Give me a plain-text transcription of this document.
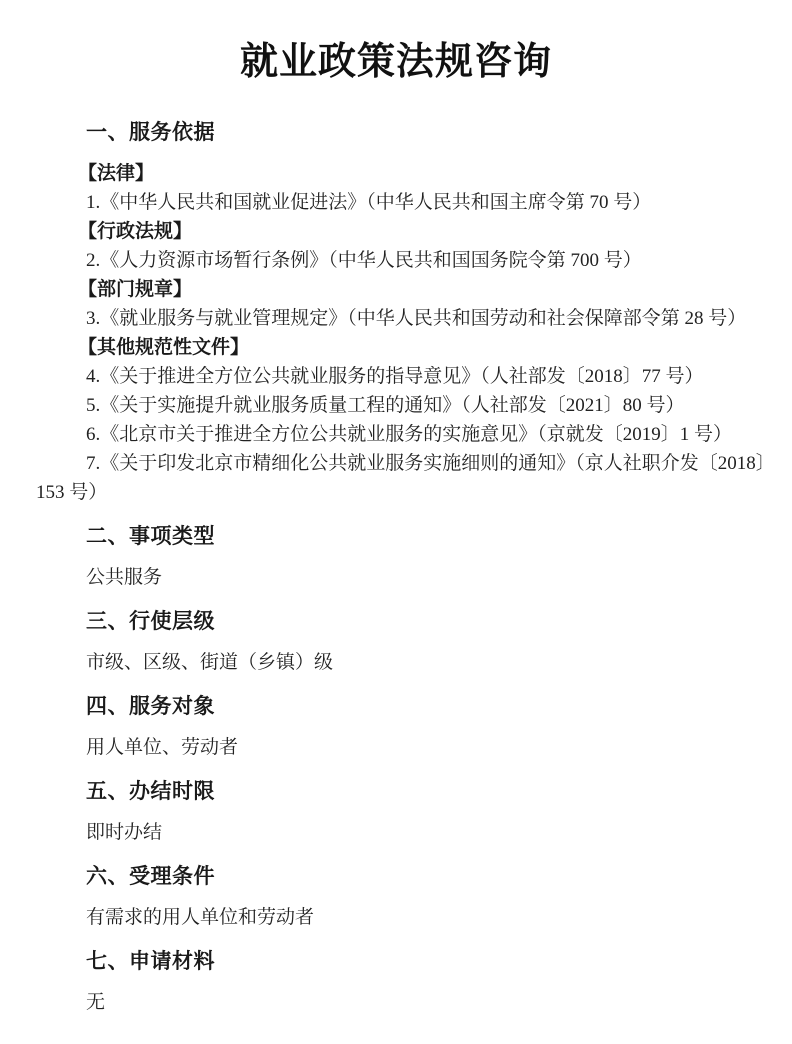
就业政策法规咨询
一、服务依据

【法律】

1.《中华人民共和国就业促进法》（中华人民共和国主席令第 70 号）

【行政法规】

2.《人力资源市场暂行条例》（中华人民共和国国务院令第 700 号）

【部门规章】

3.《就业服务与就业管理规定》（中华人民共和国劳动和社会保障部令第 28 号）

【其他规范性文件】

4.《关于推进全方位公共就业服务的指导意见》（人社部发〔2018〕77 号）

5.《关于实施提升就业服务质量工程的通知》（人社部发〔2021〕80 号）

6.《北京市关于推进全方位公共就业服务的实施意见》（京就发〔2019〕1 号）

7.《关于印发北京市精细化公共就业服务实施细则的通知》（京人社职介发〔2018〕153 号）

二、事项类型

公共服务

三、行使层级

市级、区级、街道（乡镇）级

四、服务对象

用人单位、劳动者

五、办结时限

即时办结

六、受理条件

有需求的用人单位和劳动者

七、申请材料

无
